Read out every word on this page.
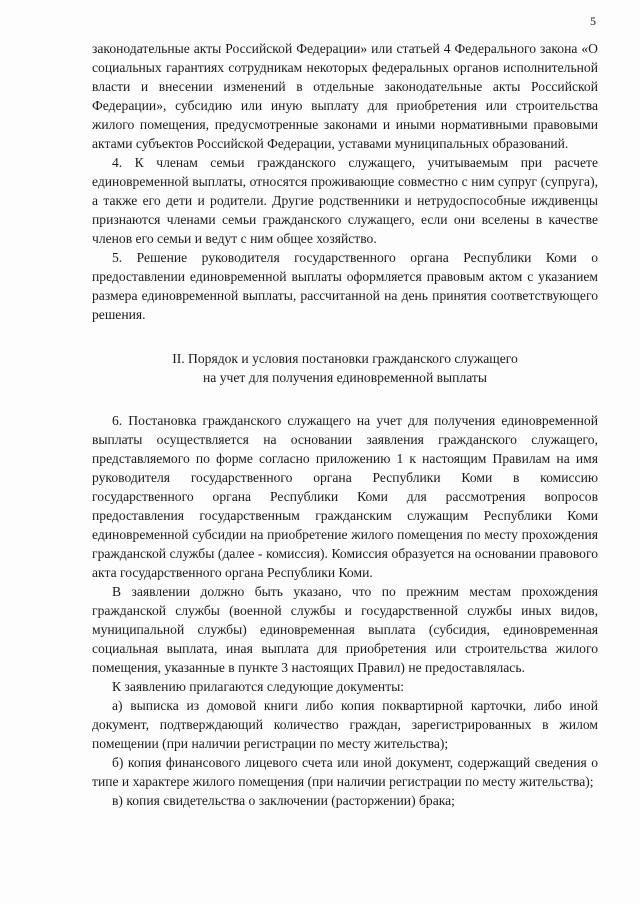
5

законодательные акты Российской Федерации» или статьей 4 Федерального закона «О социальных гарантиях сотрудникам некоторых федеральных органов исполнительной власти и внесении изменений в отдельные законодательные акты Российской Федерации», субсидию или иную выплату для приобретения или строительства жилого помещения, предусмотренные законами и иными нормативными правовыми актами субъектов Российской Федерации, уставами муниципальных образований.

4. К членам семьи гражданского служащего, учитываемым при расчете единовременной выплаты, относятся проживающие совместно с ним супруг (супруга), а также его дети и родители. Другие родственники и нетрудоспособные иждивенцы признаются членами семьи гражданского служащего, если они вселены в качестве членов его семьи и ведут с ним общее хозяйство.

5. Решение руководителя государственного органа Республики Коми о предоставлении единовременной выплаты оформляется правовым актом с указанием размера единовременной выплаты, рассчитанной на день принятия соответствующего решения.

II. Порядок и условия постановки гражданского служащего
на учет для получения единовременной выплаты

6. Постановка гражданского служащего на учет для получения единовременной выплаты осуществляется на основании заявления гражданского служащего, представляемого по форме согласно приложению 1 к настоящим Правилам на имя руководителя государственного органа Республики Коми в комиссию государственного органа Республики Коми для рассмотрения вопросов предоставления государственным гражданским служащим Республики Коми единовременной субсидии на приобретение жилого помещения по месту прохождения гражданской службы (далее - комиссия). Комиссия образуется на основании правового акта государственного органа Республики Коми.

В заявлении должно быть указано, что по прежним местам прохождения гражданской службы (военной службы и государственной службы иных видов, муниципальной службы) единовременная выплата (субсидия, единовременная социальная выплата, иная выплата для приобретения или строительства жилого помещения, указанные в пункте 3 настоящих Правил) не предоставлялась.

К заявлению прилагаются следующие документы:

а) выписка из домовой книги либо копия поквартирной карточки, либо иной документ, подтверждающий количество граждан, зарегистрированных в жилом помещении (при наличии регистрации по месту жительства);

б) копия финансового лицевого счета или иной документ, содержащий сведения о типе и характере жилого помещения (при наличии регистрации по месту жительства);

в) копия свидетельства о заключении (расторжении) брака;
